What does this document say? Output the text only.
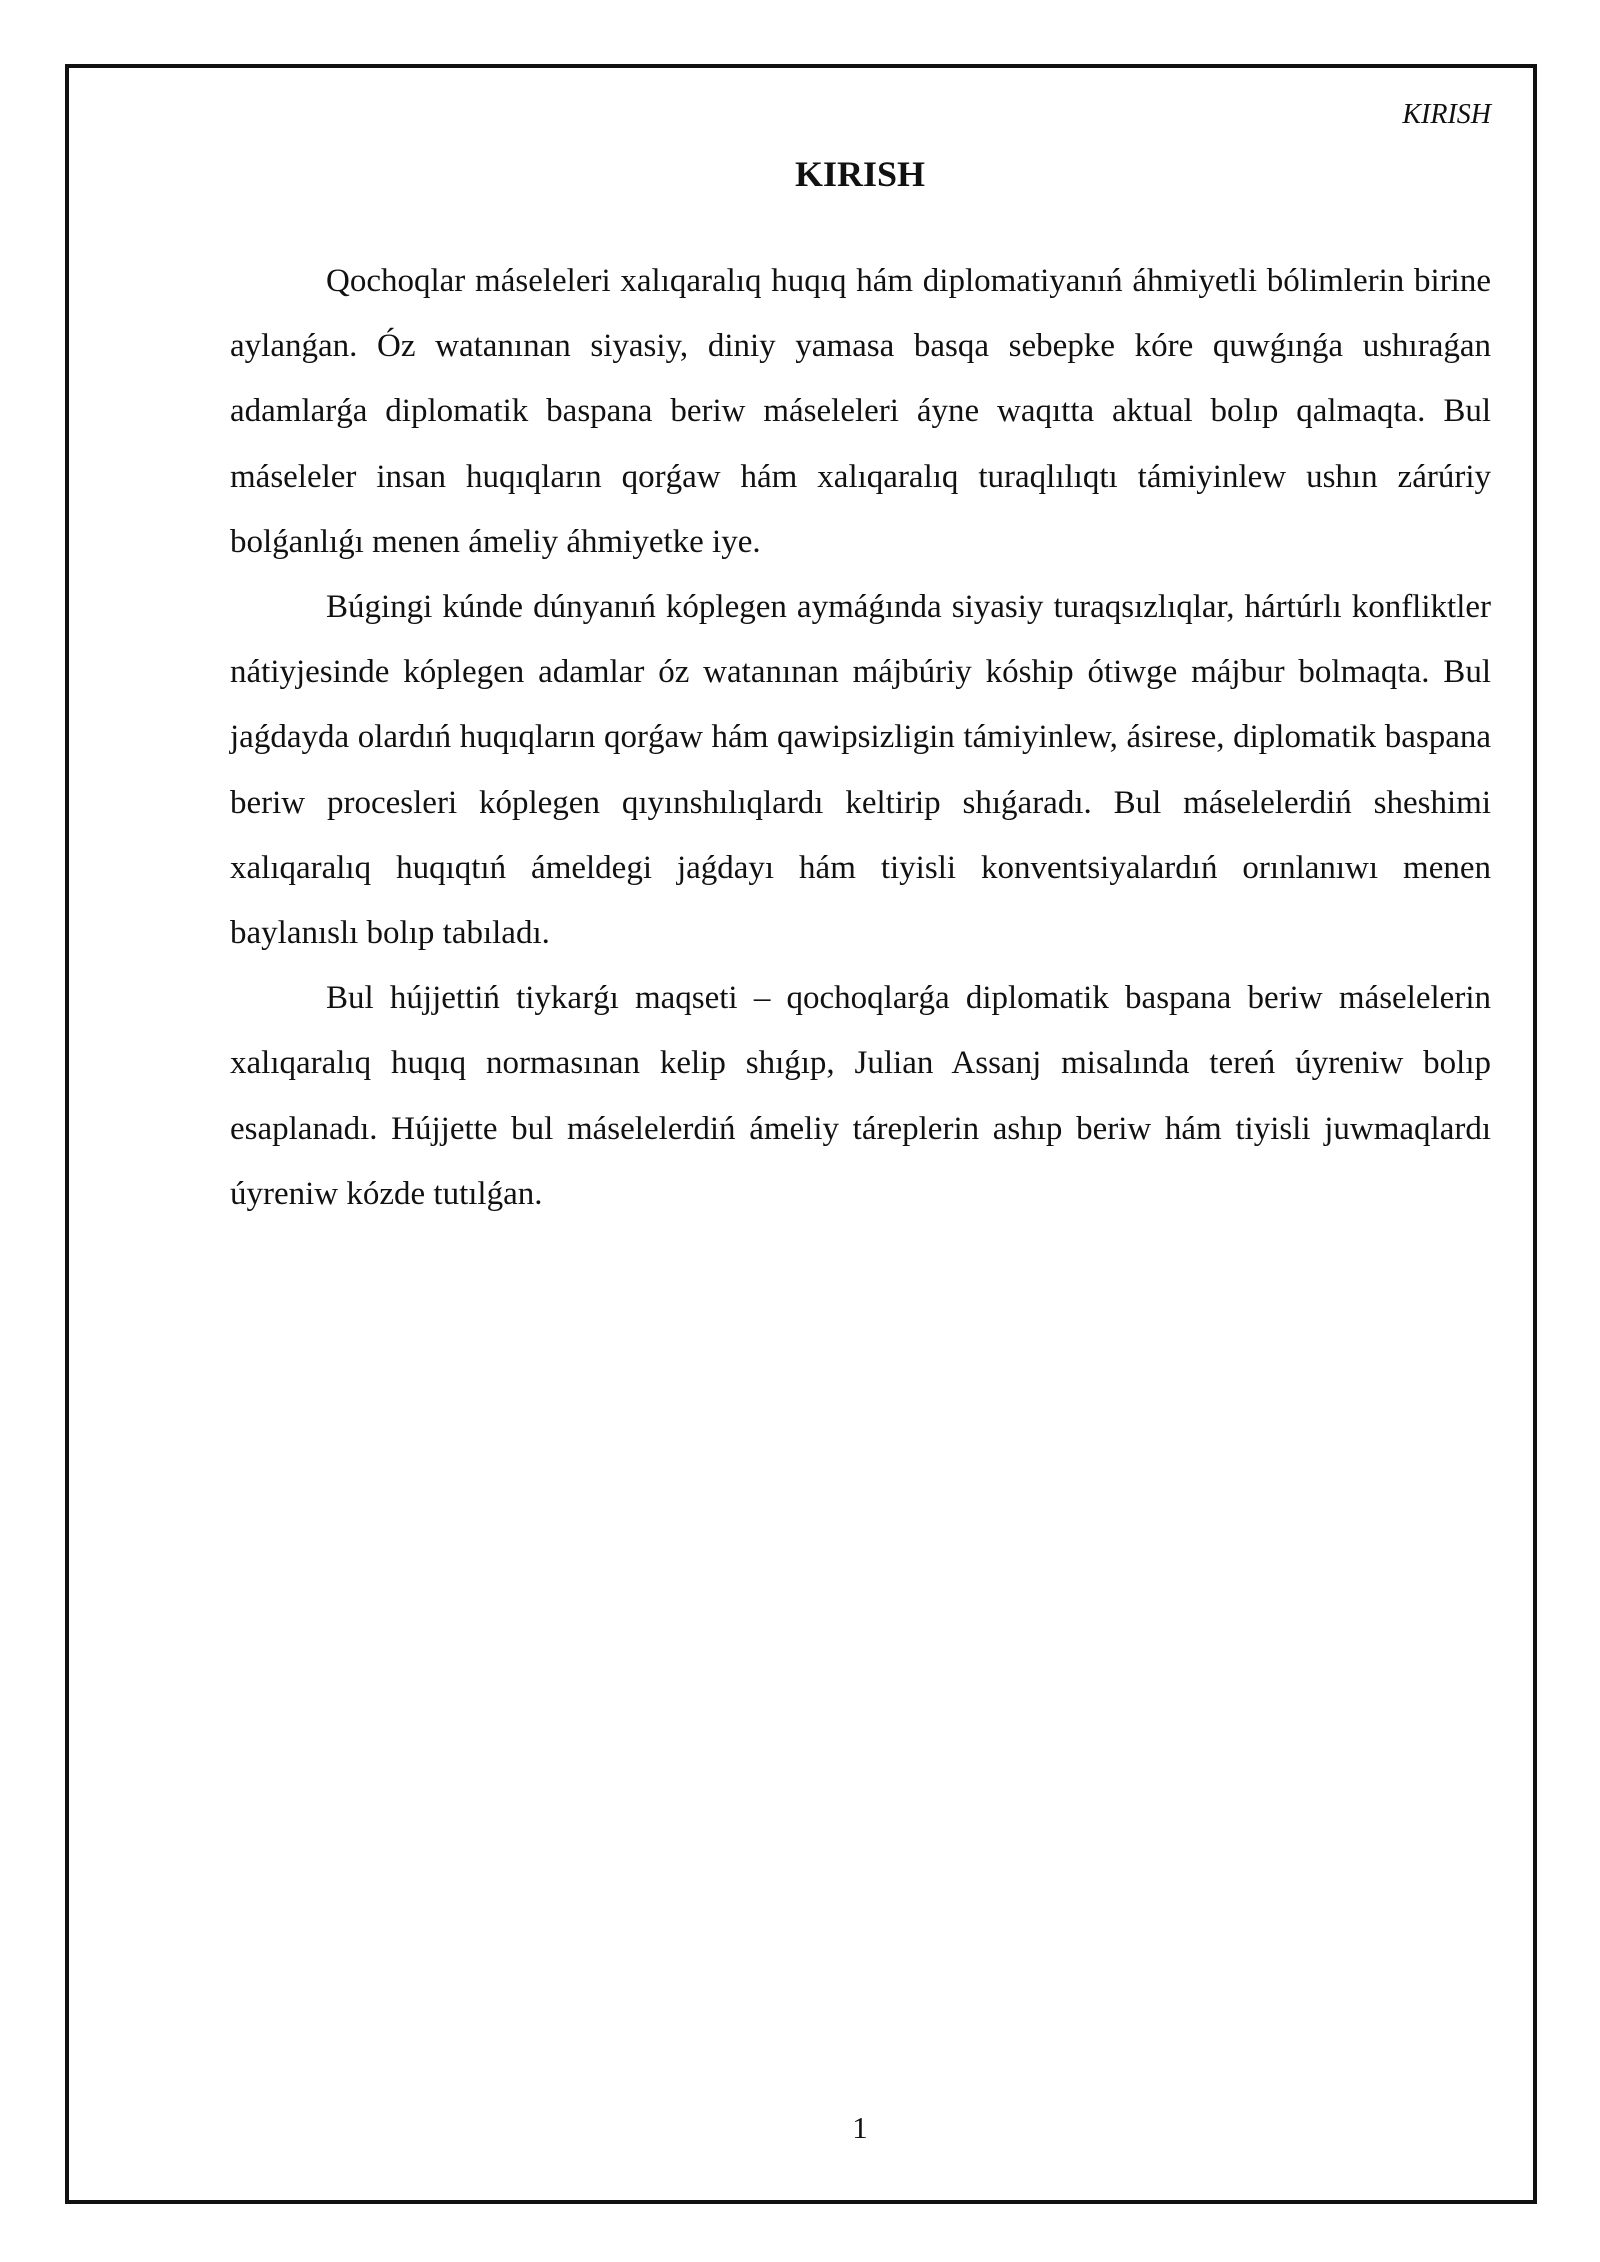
KIRISH
KIRISH

Qochoqlar máseleleri xalıqaralıq huqıq hám diplomatiyanıń áhmiyetli bólimlerin birine aylanǵan. Óz watanınan siyasiy, diniy yamasa basqa sebepke kóre quwǵınǵa ushıraǵan adamlarǵa diplomatik baspana beriw máseleleri áyne waqıtta aktual bolıp qalmaqta. Bul máseleler insan huqıqların qorǵaw hám xalıqaralıq turaqlılıqtı támiyinlew ushın zárúriy bolǵanlıǵı menen ámeliy áhmiyetke iye.

Búgingi kúnde dúnyanıń kóplegen aymáǵında siyasiy turaqsızlıqlar, hártúrlı konfliktler nátiyjesinde kóplegen adamlar óz watanınan májbúriy kóship ótiwge májbur bolmaqta. Bul jaǵdayda olardıń huqıqların qorǵaw hám qawipsizligin támiyinlew, ásirese, diplomatik baspana beriw procesleri kóplegen qıyınshılıqlardı keltirip shıǵaradı. Bul máselelerdiń sheshimi xalıqaralıq huqıqtıń ámeldegi jaǵdayı hám tiyisli konventsiyalardıń orınlanıwı menen baylanıslı bolıp tabıladı.

Bul hújjettiń tiykarǵı maqseti – qochoqlarǵa diplomatik baspana beriw máselelerin xalıqaralıq huqıq normasınan kelip shıǵıp, Julian Assanj misalında tereń úyreniw bolıp esaplanadı. Hújjette bul máselelerdiń ámeliy táreplerin ashıp beriw hám tiyisli juwmaqlardı úyreniw kózde tutılǵan.

1
